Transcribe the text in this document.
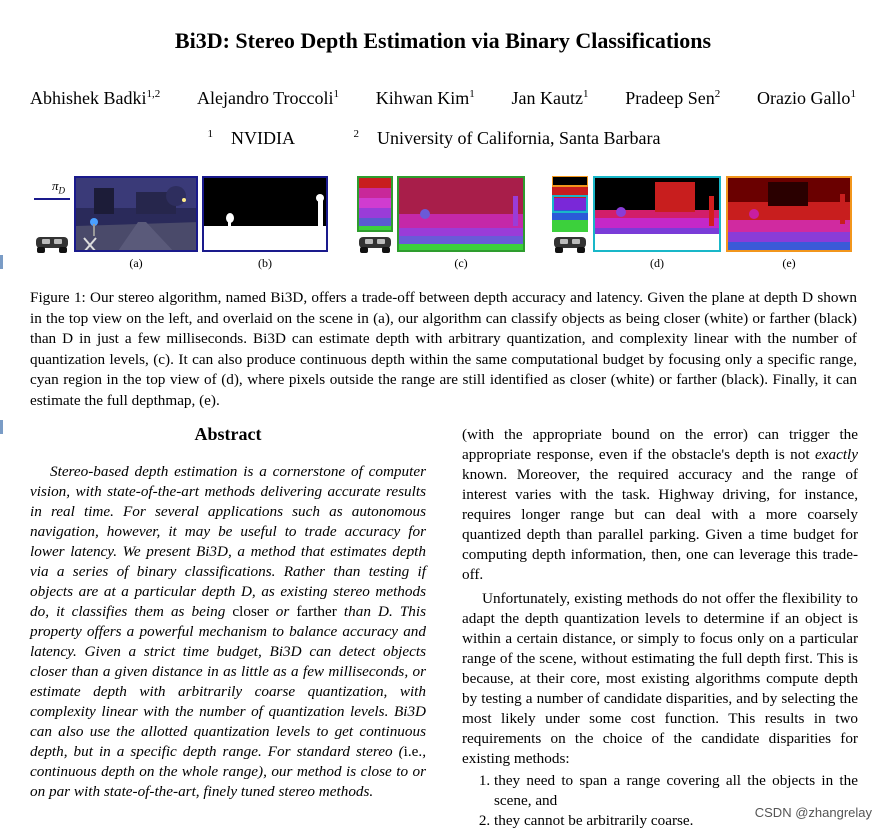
Bi3D: Stereo Depth Estimation via Binary Classifications
Abhishek Badki$^{1,2}$ Alejandro Troccoli$^1$ Kihwan Kim$^1$ Jan Kautz$^1$ Pradeep Sen$^2$ Orazio Gallo$^1$
$^1$ NVIDIA	$^2$ University of California, Santa Barbara
$\pi_D$
(a)	(b)	(c)	(d)	(e)
Figure 1: Our stereo algorithm, named Bi3D, offers a trade-off between depth accuracy and latency. Given the plane at depth D shown in the top view on the left, and overlaid on the scene in (a), our algorithm can classify objects as being closer (white) or farther (black) than D in just a few milliseconds. Bi3D can estimate depth with arbitrary quantization, and complexity linear with the number of quantization levels, (c). It can also produce continuous depth within the same computational budget by focusing only a specific range, cyan region in the top view of (d), where pixels outside the range are still identified as closer (white) or farther (black). Finally, it can estimate the full depthmap, (e).
Abstract
Stereo-based depth estimation is a cornerstone of computer vision, with state-of-the-art methods delivering accurate results in real time. For several applications such as autonomous navigation, however, it may be useful to trade accuracy for lower latency. We present Bi3D, a method that estimates depth via a series of binary classifications. Rather than testing if objects are at a particular depth D, as existing stereo methods do, it classifies them as being closer or farther than D. This property offers a powerful mechanism to balance accuracy and latency. Given a strict time budget, Bi3D can detect objects closer than a given distance in as little as a few milliseconds, or estimate depth with arbitrarily coarse quantization, with complexity linear with the number of quantization levels. Bi3D can also use the allotted quantization levels to get continuous depth, but in a specific depth range. For standard stereo (i.e., continuous depth on the whole range), our method is close to or on par with state-of-the-art, finely tuned stereo methods.

(with the appropriate bound on the error) can trigger the appropriate response, even if the obstacle's depth is not exactly known. Moreover, the required accuracy and the range of interest varies with the task. Highway driving, for instance, requires longer range but can deal with a more coarsely quantized depth than parallel parking. Given a time budget for computing depth information, then, one can leverage this trade-off.

Unfortunately, existing methods do not offer the flexibility to adapt the depth quantization levels to determine if an object is within a certain distance, or simply to focus only on a particular range of the scene, without estimating the full depth first. This is because, at their core, most existing algorithms compute depth by testing a number of candidate disparities, and by selecting the most likely under some cost function. This results in two requirements on the choice of the candidate disparities for existing methods:

1. they need to span a range covering all the objects in the scene, and
2. they cannot be arbitrarily coarse.	CSDN @zhangrelay
